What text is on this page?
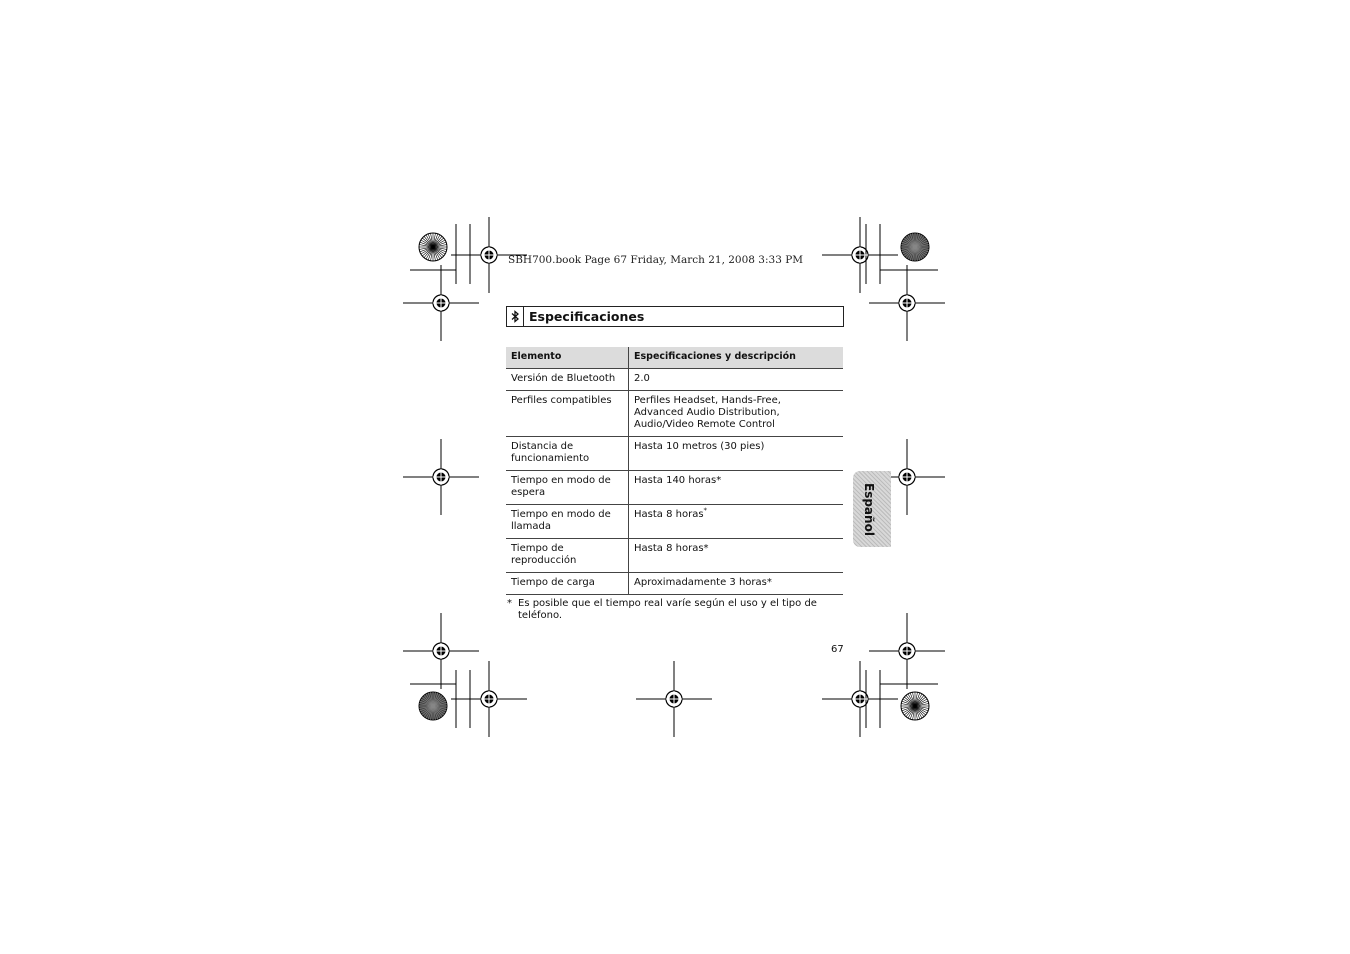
SBH700.book Page 67 Friday, March 21, 2008 3:33 PM
Especificaciones
Elemento	Especificaciones y descripción

Versión de Bluetooth	2.0

Perfiles compatibles	Perfiles Headset, Hands-Free,
Advanced Audio Distribution,
Audio/Video Remote Control

Distancia de
funcionamiento	Hasta 10 metros (30 pies)

Tiempo en modo de
espera	Hasta 140 horas*

Tiempo en modo de
llamada	Hasta 8 horas*

Tiempo de
reproducción	Hasta 8 horas*

Tiempo de carga	Aproximadamente 3 horas*
* Es posible que el tiempo real varíe según el uso y el tipo de teléfono.
67
Español
